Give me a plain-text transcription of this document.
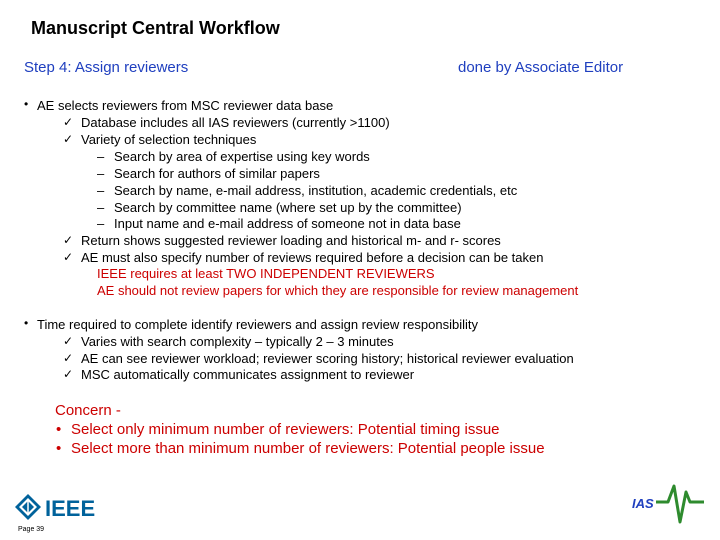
Manuscript Central Workflow
Step 4: Assign reviewers	done by Associate Editor
• AE selects reviewers from MSC reviewer data base
✓ Database includes all IAS reviewers (currently >1100)
✓ Variety of selection techniques
– Search by area of expertise using key words
– Search for authors of similar papers
– Search by name, e-mail address, institution, academic credentials, etc
– Search by committee name (where set up by the committee)
– Input name and e-mail address of someone not in data base
✓ Return shows suggested reviewer loading and historical m- and r- scores
✓ AE must also specify number of reviews required before a decision can be taken
IEEE requires at least TWO INDEPENDENT REVIEWERS
AE should not review papers for which they are responsible for review management
• Time required to complete identify reviewers and assign review responsibility
✓ Varies with search complexity – typically 2 – 3 minutes
✓ AE can see reviewer workload; reviewer scoring history; historical reviewer evaluation
✓ MSC automatically communicates assignment to reviewer
Concern -
• Select only minimum number of reviewers: Potential timing issue
• Select more than minimum number of reviewers: Potential people issue
IEEE
Page 39
IAS
